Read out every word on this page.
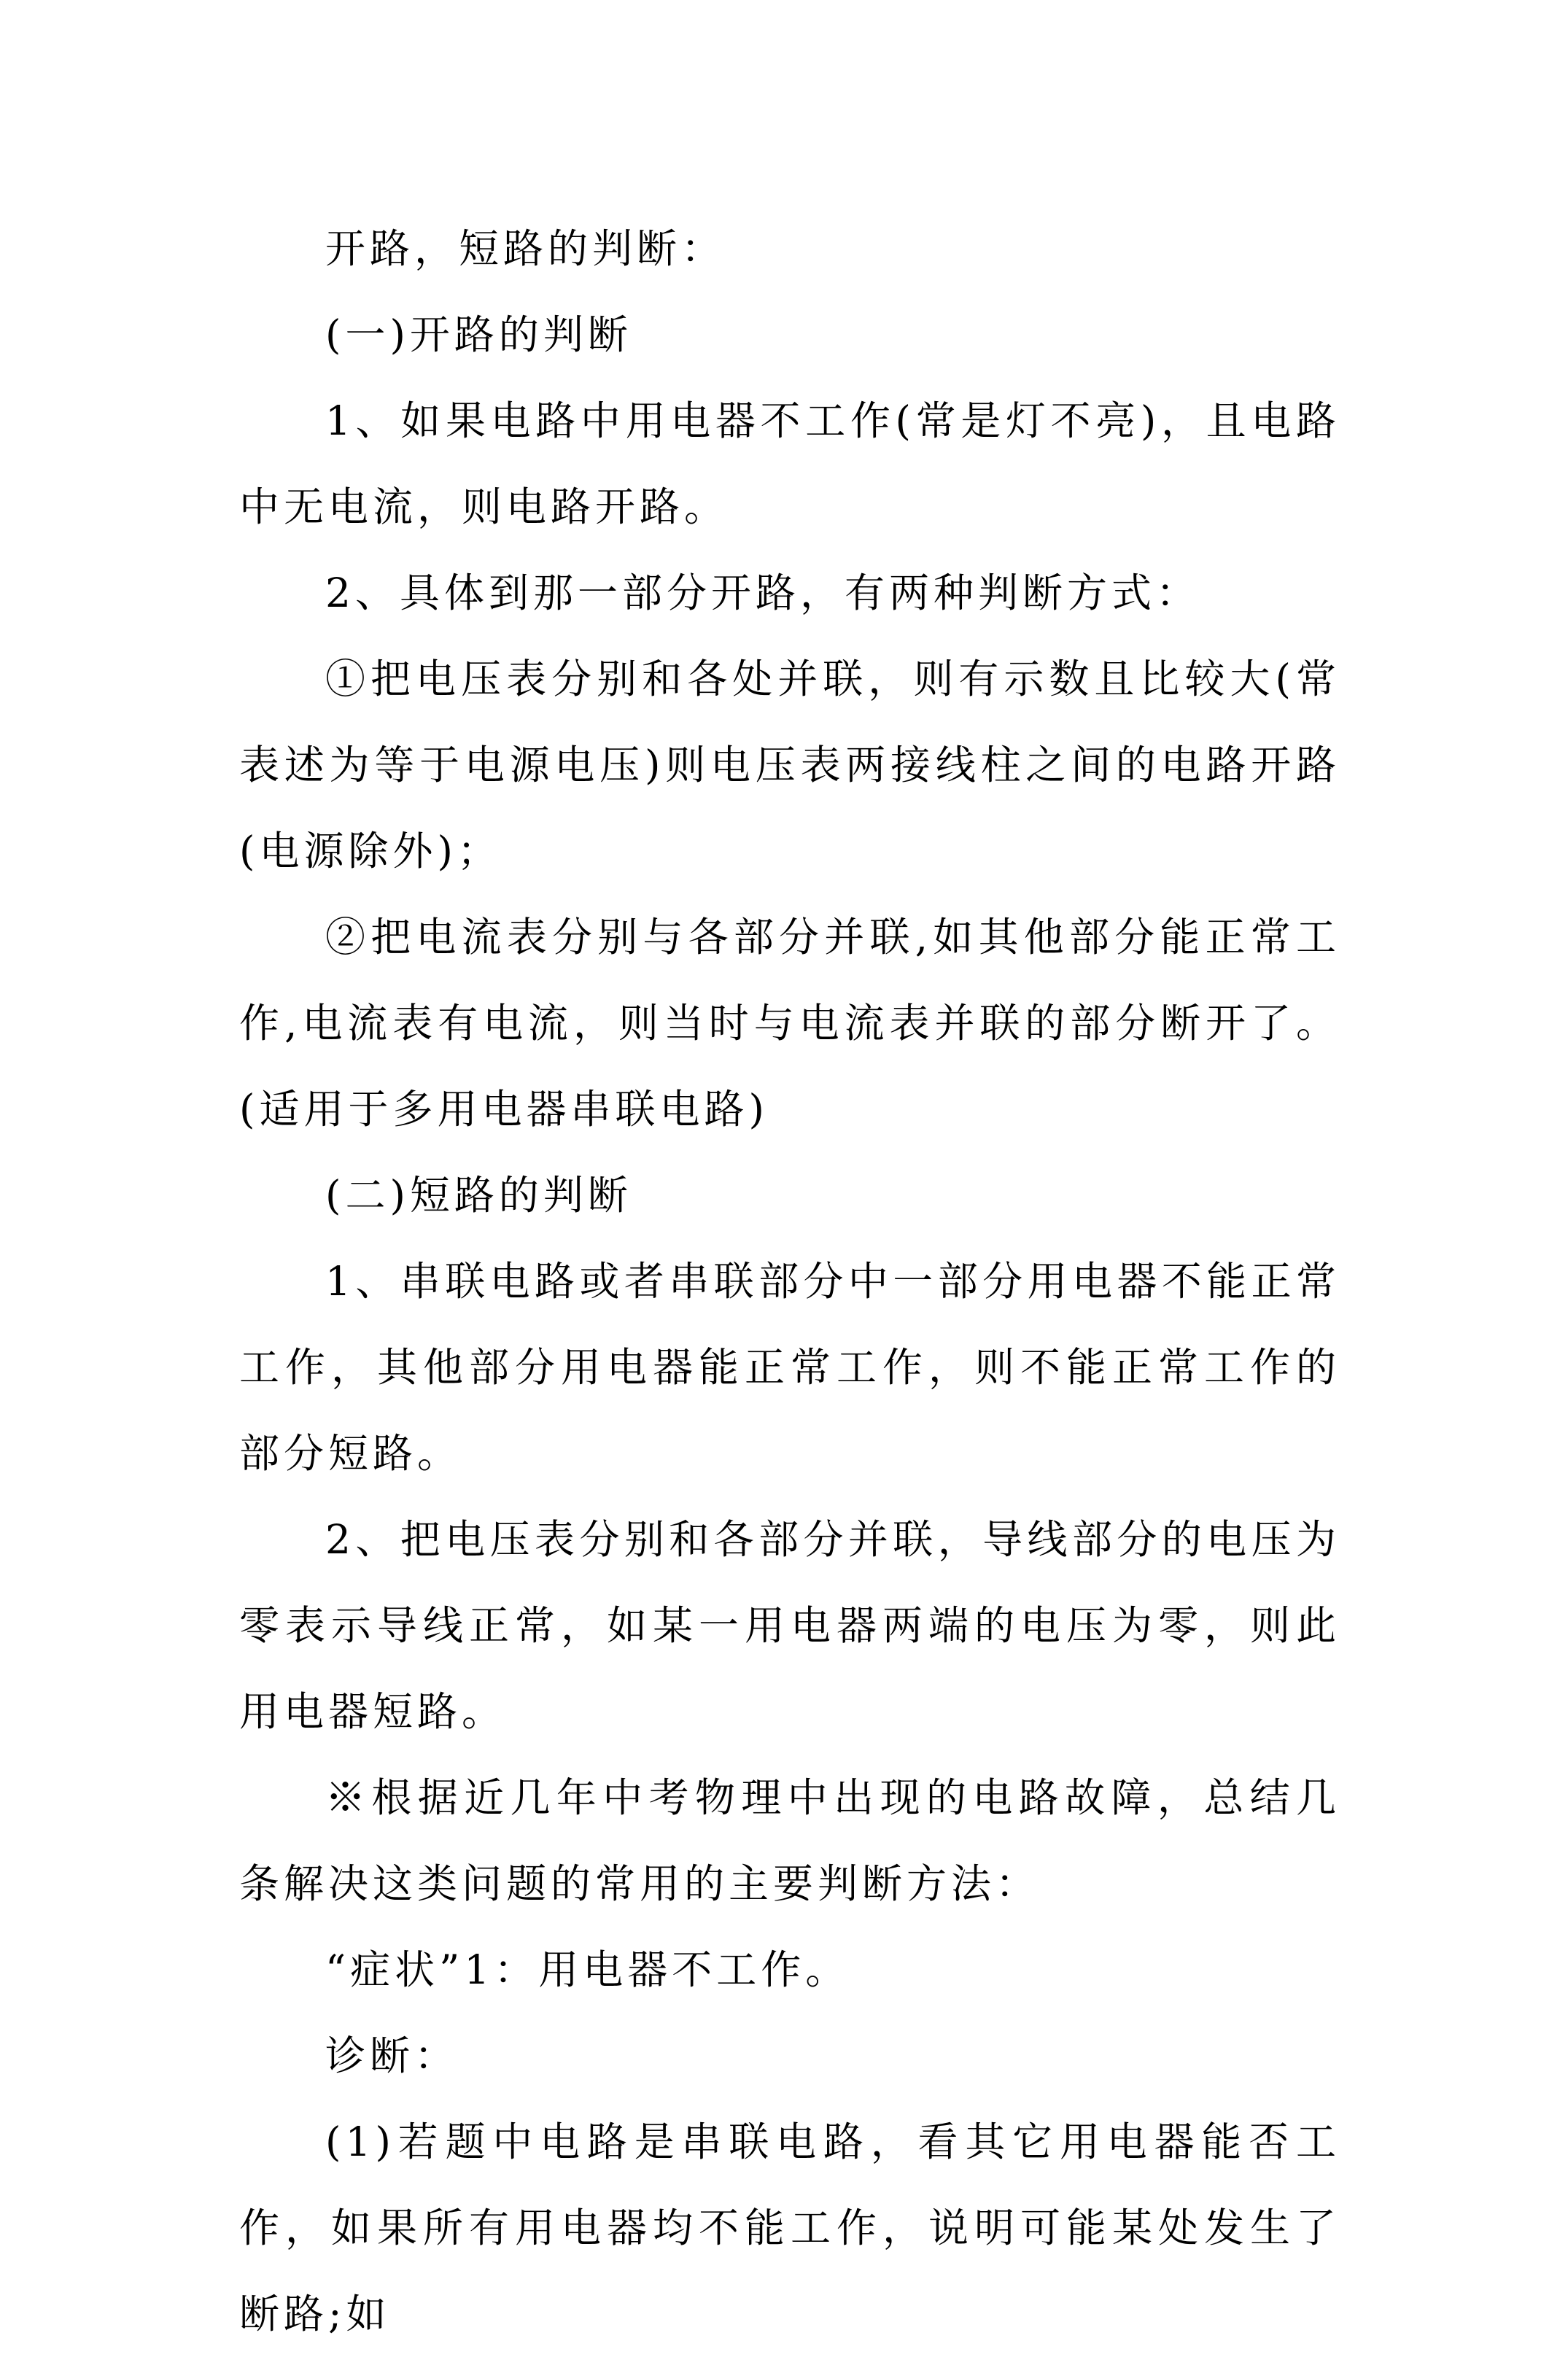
开路，短路的判断：

(一)开路的判断

1、如果电路中用电器不工作(常是灯不亮)，且电路中无电流，则电路开路。

2、具体到那一部分开路，有两种判断方式：

①把电压表分别和各处并联，则有示数且比较大(常表述为等于电源电压)则电压表两接线柱之间的电路开路(电源除外)；

②把电流表分别与各部分并联,如其他部分能正常工作,电流表有电流，则当时与电流表并联的部分断开了。(适用于多用电器串联电路)

(二)短路的判断

1、串联电路或者串联部分中一部分用电器不能正常工作，其他部分用电器能正常工作，则不能正常工作的部分短路。

2、把电压表分别和各部分并联，导线部分的电压为零表示导线正常，如某一用电器两端的电压为零，则此用电器短路。

※根据近几年中考物理中出现的电路故障，总结几条解决这类问题的常用的主要判断方法：

“症状”1：用电器不工作。

诊断：

(1)若题中电路是串联电路，看其它用电器能否工作，如果所有用电器均不能工作，说明可能某处发生了断路;如
